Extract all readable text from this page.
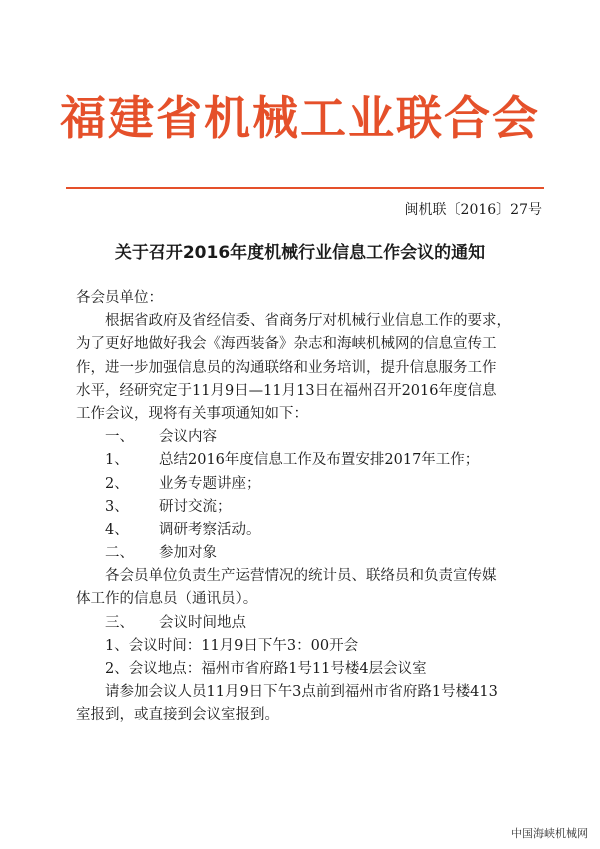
福建省机械工业联合会
闽机联〔2016〕27号
关于召开2016年度机械行业信息工作会议的通知
各会员单位：
根据省政府及省经信委、省商务厅对机械行业信息工作的要求，
为了更好地做好我会《海西装备》杂志和海峡机械网的信息宣传工
作，进一步加强信息员的沟通联络和业务培训，提升信息服务工作
水平，经研究定于11月9日—11月13日在福州召开2016年度信息
工作会议，现将有关事项通知如下：
一、 会议内容
1、 总结2016年度信息工作及布置安排2017年工作；
2、 业务专题讲座；
3、 研讨交流；
4、 调研考察活动。
二、 参加对象
各会员单位负责生产运营情况的统计员、联络员和负责宣传媒
体工作的信息员（通讯员）。
三、 会议时间地点
1、会议时间：11月9日下午3：00开会
2、会议地点：福州市省府路1号11号楼4层会议室
请参加会议人员11月9日下午3点前到福州市省府路1号楼413
室报到，或直接到会议室报到。
中国海峡机械网
